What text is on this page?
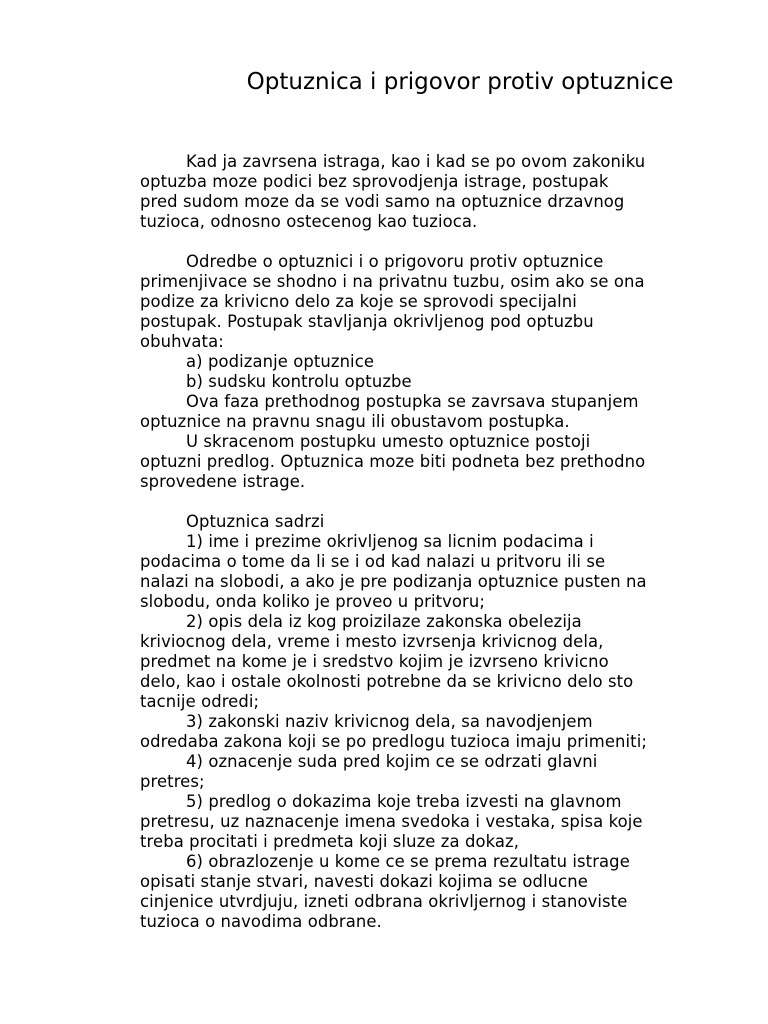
Optuznica i prigovor protiv optuznice

Kad ja zavrsena istraga, kao i kad se po ovom zakoniku

optuzba moze podici bez sprovodjenja istrage, postupak

pred sudom moze da se vodi samo na optuznice drzavnog

tuzioca, odnosno ostecenog kao tuzioca.

Odredbe o optuznici i o prigovoru protiv optuznice

primenjivace se shodno i na privatnu tuzbu, osim ako se ona

podize za krivicno delo za koje se sprovodi specijalni

postupak. Postupak stavljanja okrivljenog pod optuzbu

obuhvata:

a) podizanje optuznice

b) sudsku kontrolu optuzbe

Ova faza prethodnog postupka se zavrsava stupanjem

optuznice na pravnu snagu ili obustavom postupka.

U skracenom postupku umesto optuznice postoji

optuzni predlog. Optuznica moze biti podneta bez prethodno

sprovedene istrage.

Optuznica sadrzi

1) ime i prezime okrivljenog sa licnim podacima i

podacima o tome da li se i od kad nalazi u pritvoru ili se

nalazi na slobodi, a ako je pre podizanja optuznice pusten na

slobodu, onda koliko je proveo u pritvoru;

2) opis dela iz kog proizilaze zakonska obelezija

kriviocnog dela, vreme i mesto izvrsenja krivicnog dela,

predmet na kome je i sredstvo kojim je izvrseno krivicno

delo, kao i ostale okolnosti potrebne da se krivicno delo sto

tacnije odredi;

3) zakonski naziv krivicnog dela, sa navodjenjem

odredaba zakona koji se po predlogu tuzioca imaju primeniti;

4) oznacenje suda pred kojim ce se odrzati glavni

pretres;

5) predlog o dokazima koje treba izvesti na glavnom

pretresu, uz naznacenje imena svedoka i vestaka, spisa koje

treba procitati i predmeta koji sluze za dokaz,

6) obrazlozenje u kome ce se prema rezultatu istrage

opisati stanje stvari, navesti dokazi kojima se odlucne

cinjenice utvrdjuju, izneti odbrana okrivljernog i stanoviste

tuzioca o navodima odbrane.
